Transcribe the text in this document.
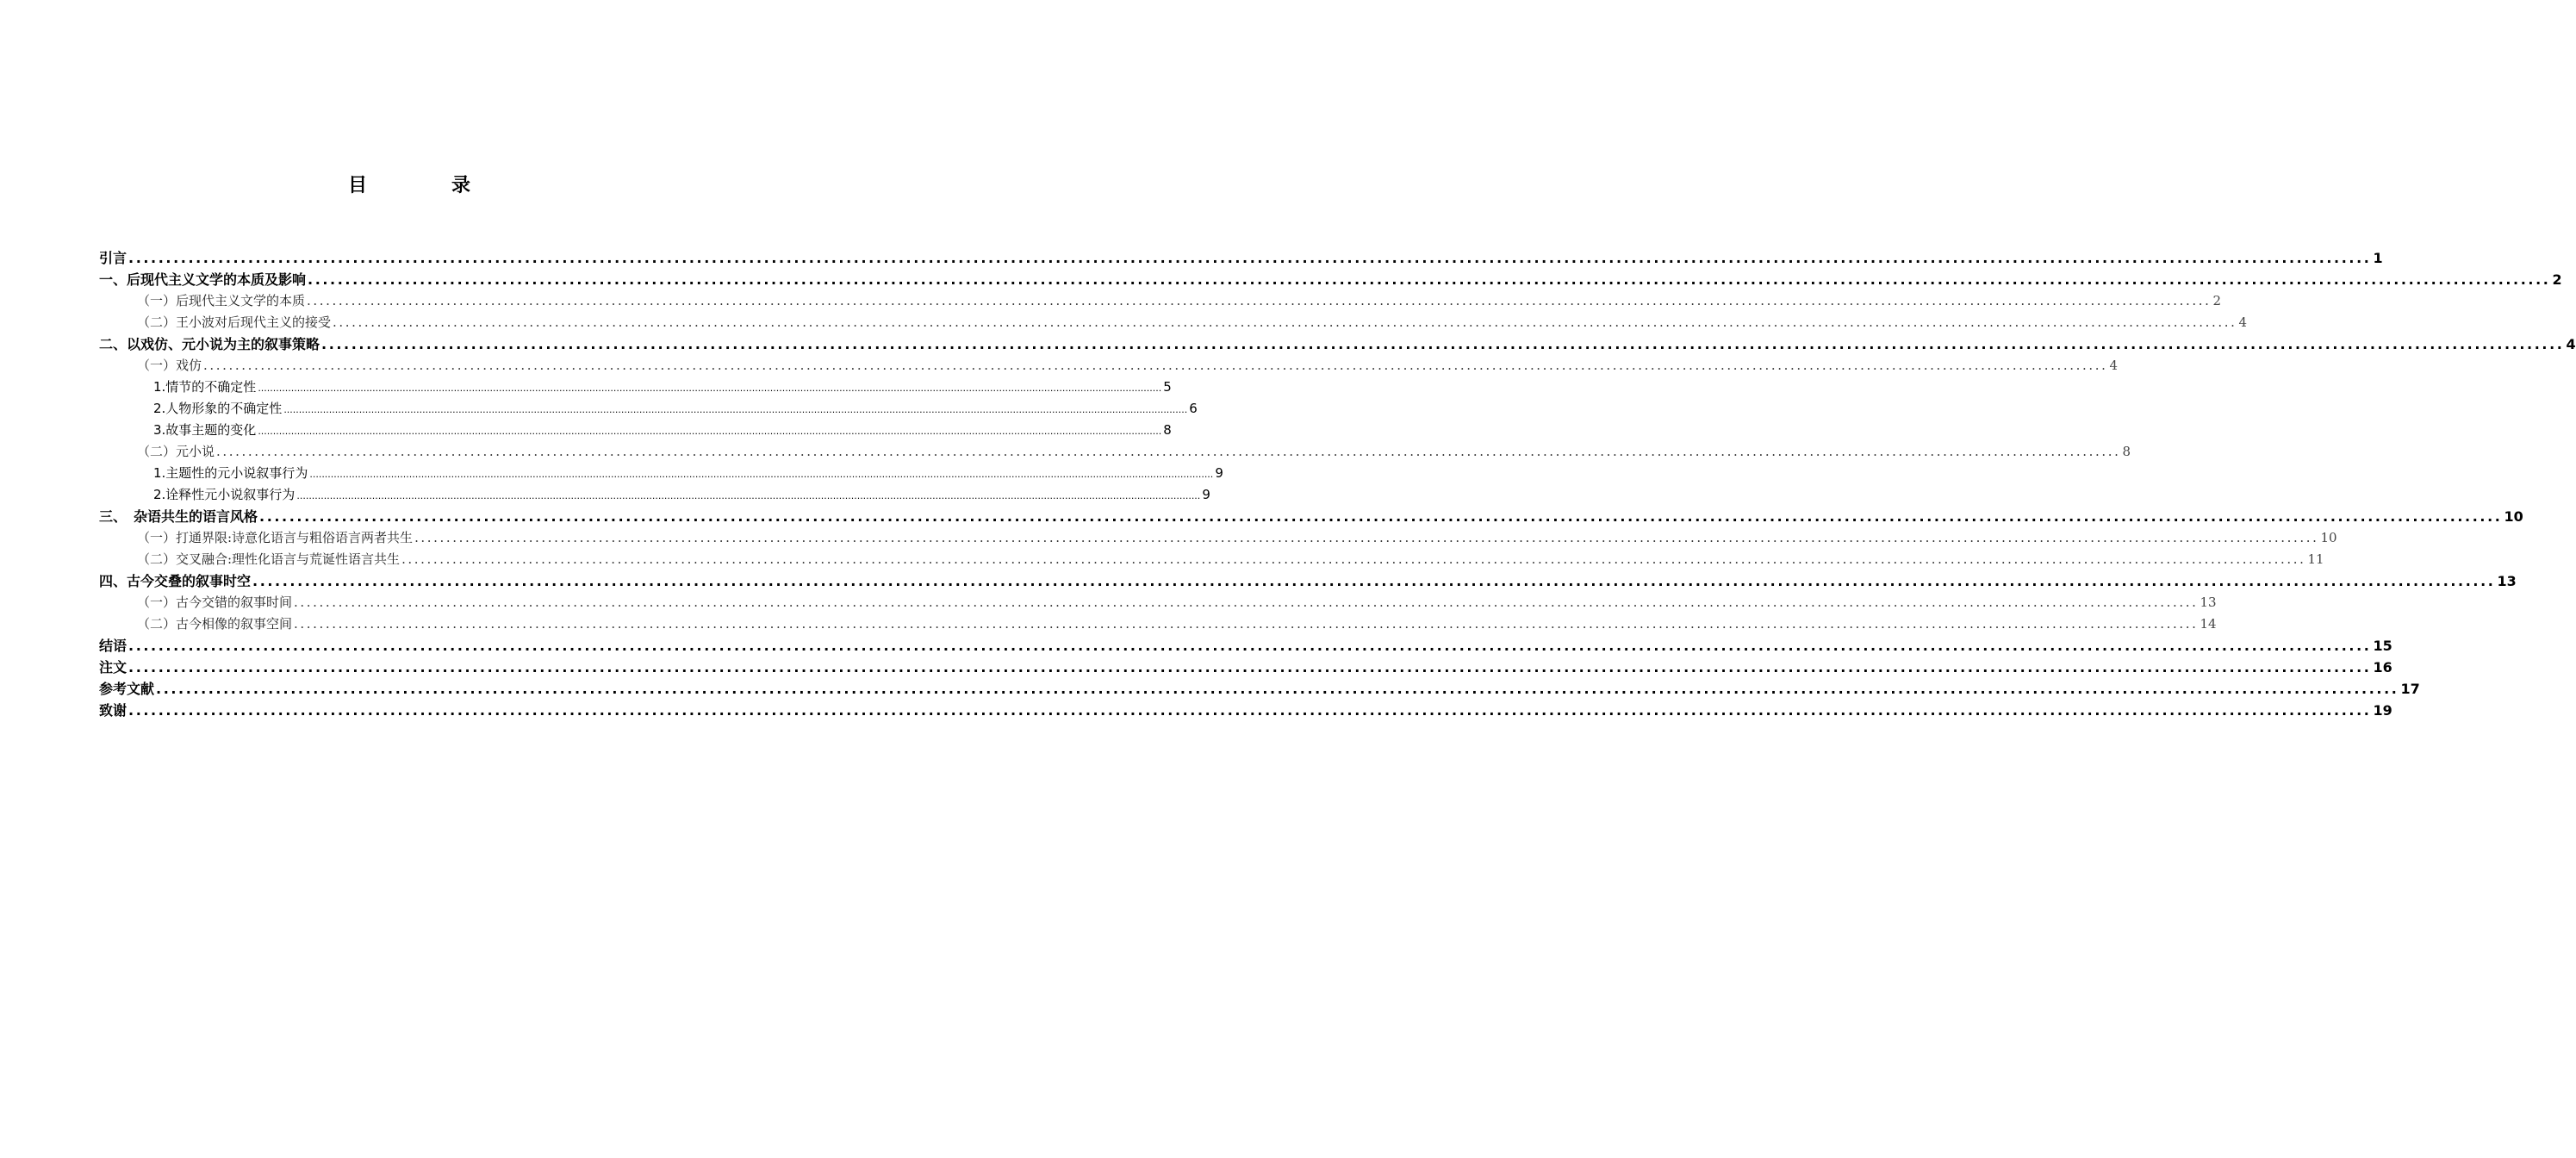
目　录
引言 ............................................................................................................................................................................................................................................................................................................ 1
一、后现代主义文学的本质及影响 ............................................................................................................................................................................................................................................................................................................ 2
（一）后现代主义文学的本质 ............................................................................................................................................................................................................................................................................................................ 2
（二）王小波对后现代主义的接受 ............................................................................................................................................................................................................................................................................................................ 4
二、以戏仿、元小说为主的叙事策略 ............................................................................................................................................................................................................................................................................................................ 4
（一）戏仿 ............................................................................................................................................................................................................................................................................................................ 4
1.情节的不确定性 ............................................................................................................................................................................................................................................................................................................ 5
2.人物形象的不确定性 ............................................................................................................................................................................................................................................................................................................ 6
3.故事主题的变化 ............................................................................................................................................................................................................................................................................................................ 8
（二）元小说 ............................................................................................................................................................................................................................................................................................................ 8
1.主题性的元小说叙事行为 ............................................................................................................................................................................................................................................................................................................ 9
2.诠释性元小说叙事行为 ............................................................................................................................................................................................................................................................................................................ 9
三、　杂语共生的语言风格 ............................................................................................................................................................................................................................................................................................................ 10
（一）打通界限:诗意化语言与粗俗语言两者共生 ............................................................................................................................................................................................................................................................................................................ 10
（二）交叉融合:理性化语言与荒诞性语言共生 ............................................................................................................................................................................................................................................................................................................ 11
四、古今交叠的叙事时空 ............................................................................................................................................................................................................................................................................................................ 13
（一）古今交错的叙事时间 ............................................................................................................................................................................................................................................................................................................ 13
（二）古今相像的叙事空间 ............................................................................................................................................................................................................................................................................................................ 14
结语 ............................................................................................................................................................................................................................................................................................................ 15
注文 ............................................................................................................................................................................................................................................................................................................ 16
参考文献 ............................................................................................................................................................................................................................................................................................................ 17
致谢 ............................................................................................................................................................................................................................................................................................................ 19
